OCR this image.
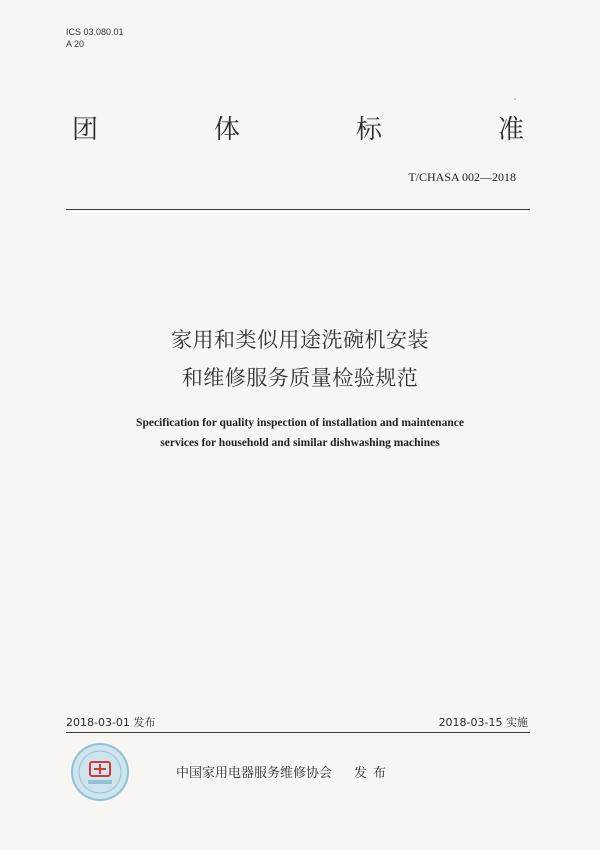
ICS 03.080.01
A 20
团	体	标	准
T/CHASA 002—2018
家用和类似用途洗碗机安装
和维修服务质量检验规范
Specification for quality inspection of installation and maintenance
services for household and similar dishwashing machines
2018-03-01 发布	2018-03-15 实施
中国家用电器服务维修协会 发布
